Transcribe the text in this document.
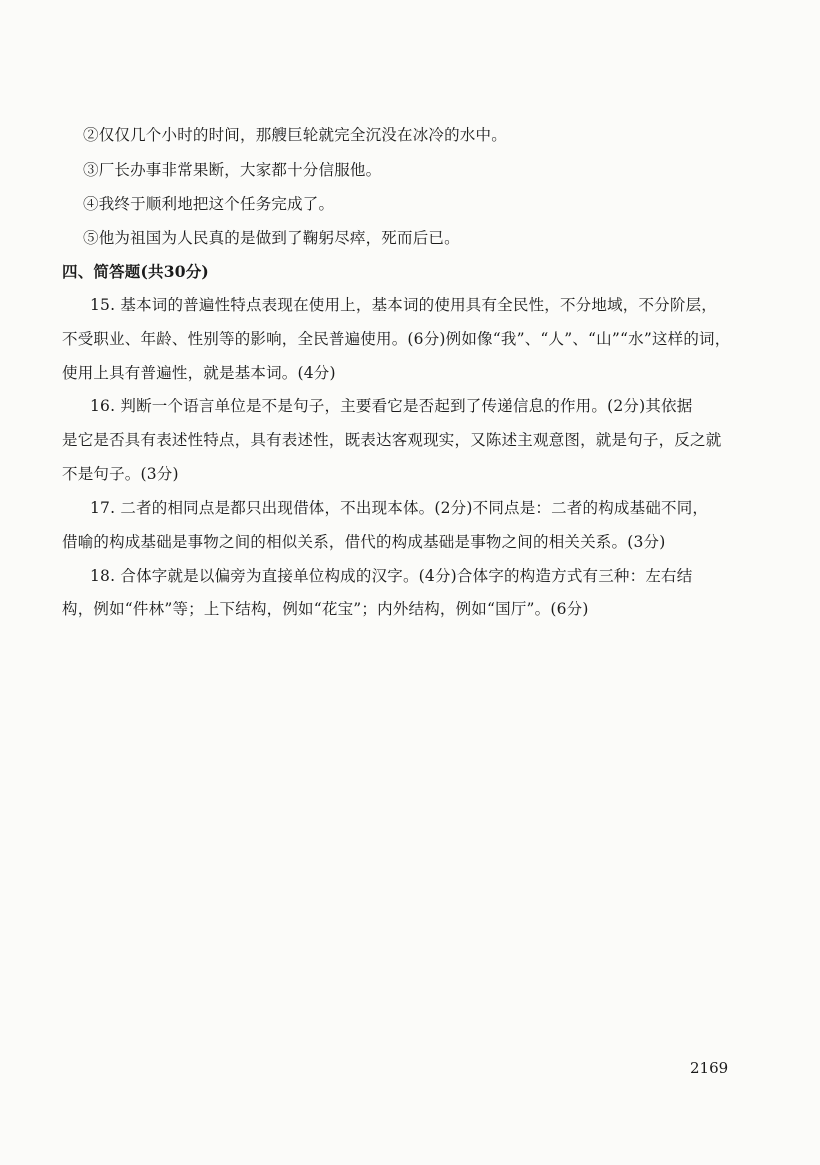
②仅仅几个小时的时间，那艘巨轮就完全沉没在冰冷的水中。
③厂长办事非常果断，大家都十分信服他。
④我终于顺利地把这个任务完成了。
⑤他为祖国为人民真的是做到了鞠躬尽瘁，死而后已。
四、简答题(共30分)
15. 基本词的普遍性特点表现在使用上，基本词的使用具有全民性，不分地域，不分阶层，
不受职业、年龄、性别等的影响，全民普遍使用。(6分)例如像“我”、“人”、“山”“水”这样的词，
使用上具有普遍性，就是基本词。(4分)
16. 判断一个语言单位是不是句子，主要看它是否起到了传递信息的作用。(2分)其依据
是它是否具有表述性特点，具有表述性，既表达客观现实，又陈述主观意图，就是句子，反之就
不是句子。(3分)
17. 二者的相同点是都只出现借体，不出现本体。(2分)不同点是：二者的构成基础不同，
借喻的构成基础是事物之间的相似关系，借代的构成基础是事物之间的相关关系。(3分)
18. 合体字就是以偏旁为直接单位构成的汉字。(4分)合体字的构造方式有三种：左右结
构，例如“件林”等；上下结构，例如“花宝”；内外结构，例如“国厅”。(6分)
2169
